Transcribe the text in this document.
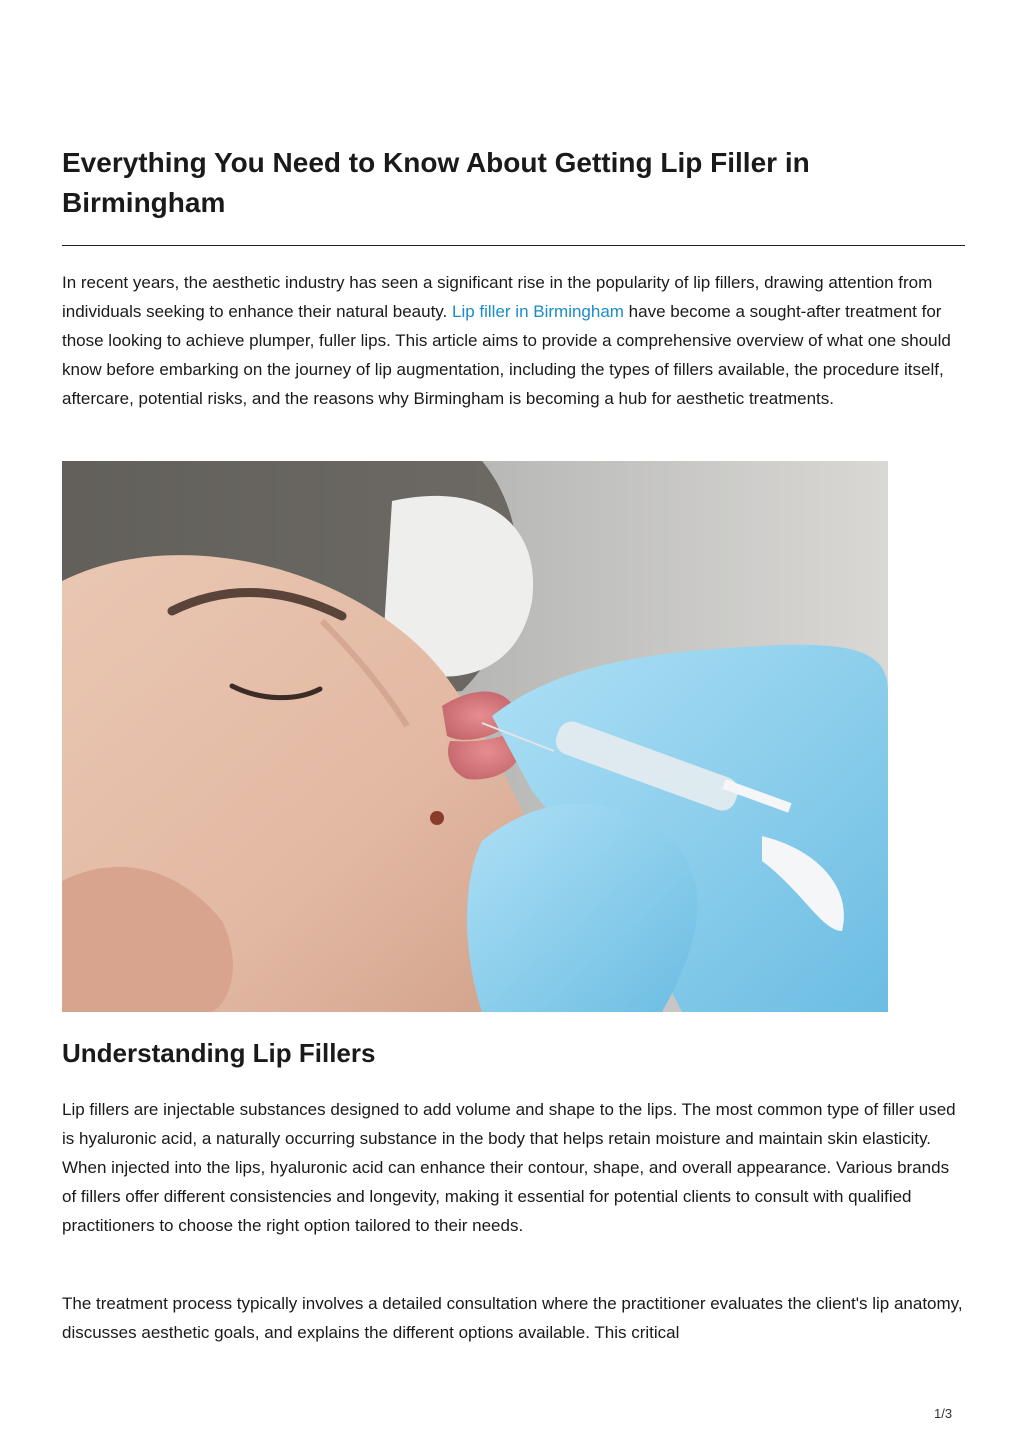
Everything You Need to Know About Getting Lip Filler in Birmingham

In recent years, the aesthetic industry has seen a significant rise in the popularity of lip fillers, drawing attention from individuals seeking to enhance their natural beauty. Lip filler in Birmingham have become a sought-after treatment for those looking to achieve plumper, fuller lips. This article aims to provide a comprehensive overview of what one should know before embarking on the journey of lip augmentation, including the types of fillers available, the procedure itself, aftercare, potential risks, and the reasons why Birmingham is becoming a hub for aesthetic treatments.

Understanding Lip Fillers

Lip fillers are injectable substances designed to add volume and shape to the lips. The most common type of filler used is hyaluronic acid, a naturally occurring substance in the body that helps retain moisture and maintain skin elasticity. When injected into the lips, hyaluronic acid can enhance their contour, shape, and overall appearance. Various brands of fillers offer different consistencies and longevity, making it essential for potential clients to consult with qualified practitioners to choose the right option tailored to their needs.

The treatment process typically involves a detailed consultation where the practitioner evaluates the client's lip anatomy, discusses aesthetic goals, and explains the different options available. This critical

1/3
